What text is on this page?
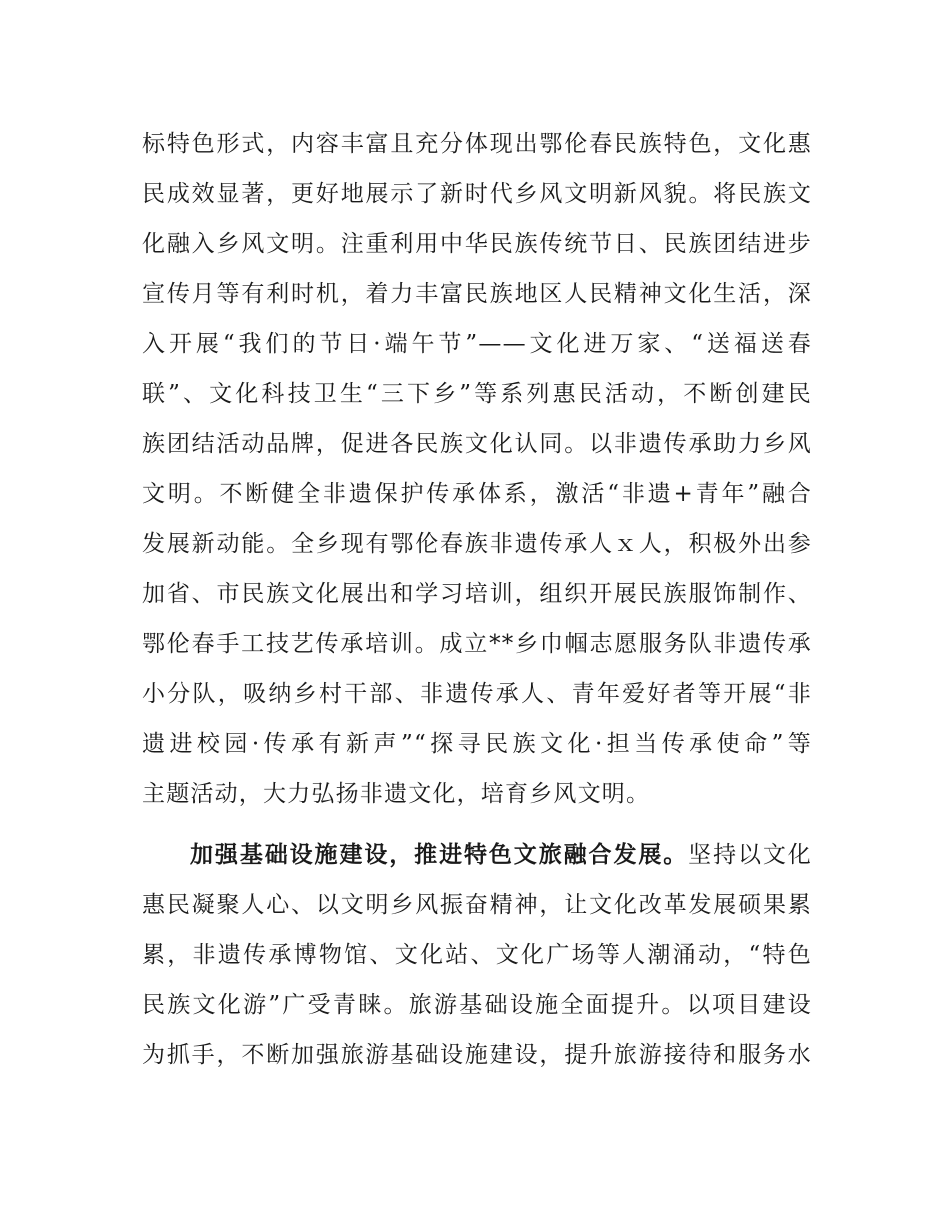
标特色形式，内容丰富且充分体现出鄂伦春民族特色，文化惠
民成效显著，更好地展示了新时代乡风文明新风貌。将民族文
化融入乡风文明。注重利用中华民族传统节日、民族团结进步
宣传月等有利时机，着力丰富民族地区人民精神文化生活，深
入开展“我们的节日·端午节”——文化进万家、“送福送春
联”、文化科技卫生“三下乡”等系列惠民活动，不断创建民
族团结活动品牌，促进各民族文化认同。以非遗传承助力乡风
文明。不断健全非遗保护传承体系，激活“非遗+青年”融合
发展新动能。全乡现有鄂伦春族非遗传承人ｘ人，积极外出参
加省、市民族文化展出和学习培训，组织开展民族服饰制作、
鄂伦春手工技艺传承培训。成立**乡巾帼志愿服务队非遗传承
小分队，吸纳乡村干部、非遗传承人、青年爱好者等开展“非
遗进校园·传承有新声”“探寻民族文化·担当传承使命”等
主题活动，大力弘扬非遗文化，培育乡风文明。
加强基础设施建设，推进特色文旅融合发展。坚持以文化
惠民凝聚人心、以文明乡风振奋精神，让文化改革发展硕果累
累，非遗传承博物馆、文化站、文化广场等人潮涌动，“特色
民族文化游”广受青睐。旅游基础设施全面提升。以项目建设
为抓手，不断加强旅游基础设施建设，提升旅游接待和服务水
